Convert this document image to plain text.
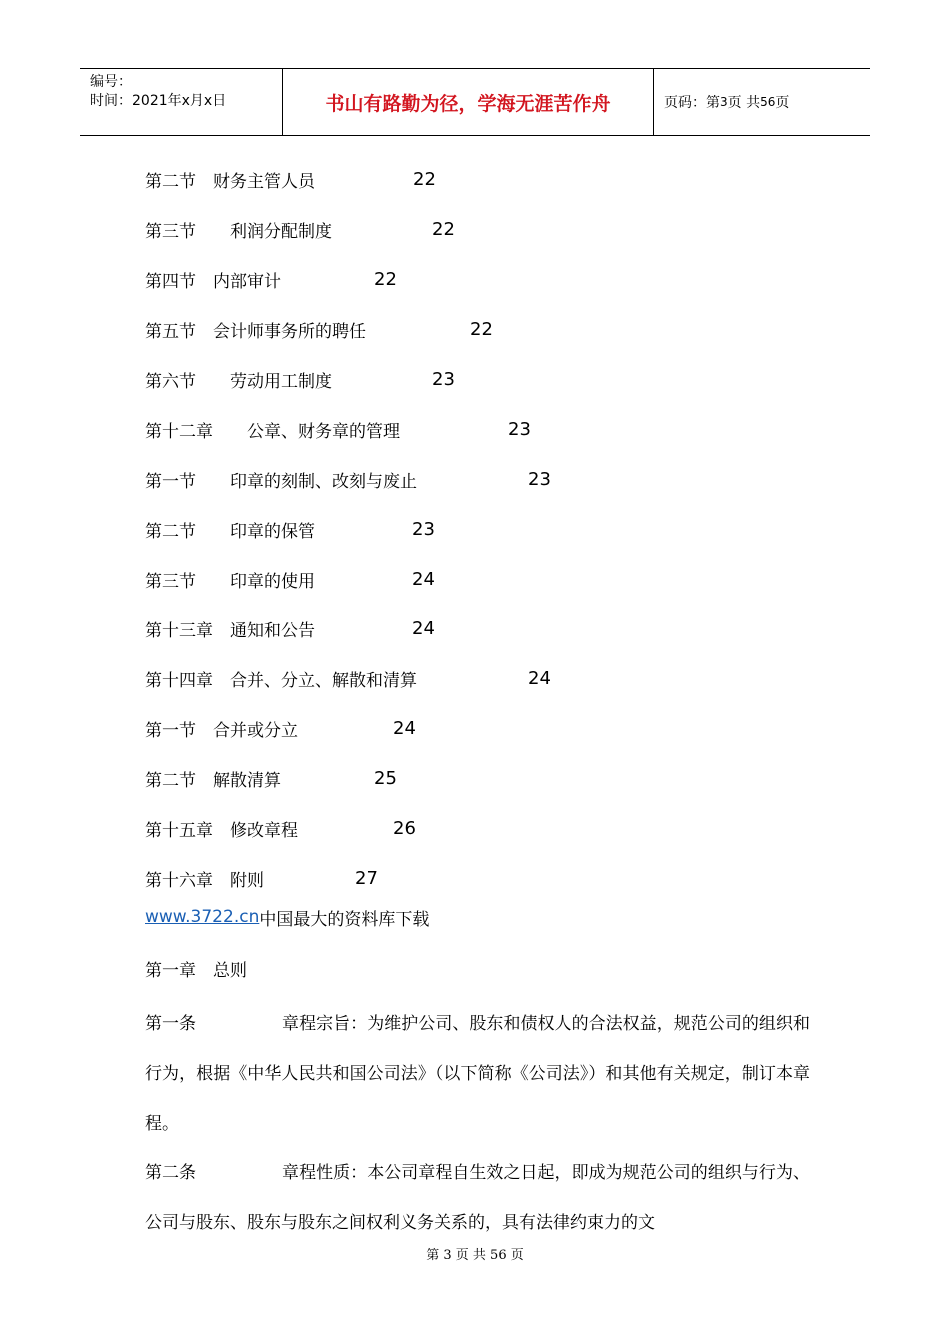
编号：
时间：2021年x月x日	书山有路勤为径，学海无涯苦作舟	页码：第 3 页 共 56 页
第二节　财务主管人员	22
第三节　　利润分配制度	22
第四节　内部审计	22
第五节　会计师事务所的聘任	22
第六节　　劳动用工制度	23
第十二章　　公章、财务章的管理	23
第一节　　印章的刻制、改刻与废止	23
第二节　　印章的保管	23
第三节　　印章的使用	24
第十三章　通知和公告	24
第十四章　合并、分立、解散和清算	24
第一节　合并或分立	24
第二节　解散清算	25
第十五章　修改章程	26
第十六章　附则	27
www.3722.cn 中国最大的资料库下载
第一章　总则

第一条	章程宗旨：为维护公司、股东和债权人的合法权益，规范公司的组织和行为，根据《中华人民共和国公司法》（以下简称《公司法》）和其他有关规定，制订本章程。

第二条	章程性质：本公司章程自生效之日起，即成为规范公司的组织与行为、公司与股东、股东与股东之间权利义务关系的，具有法律约束力的文

第 3 页 共 56 页
